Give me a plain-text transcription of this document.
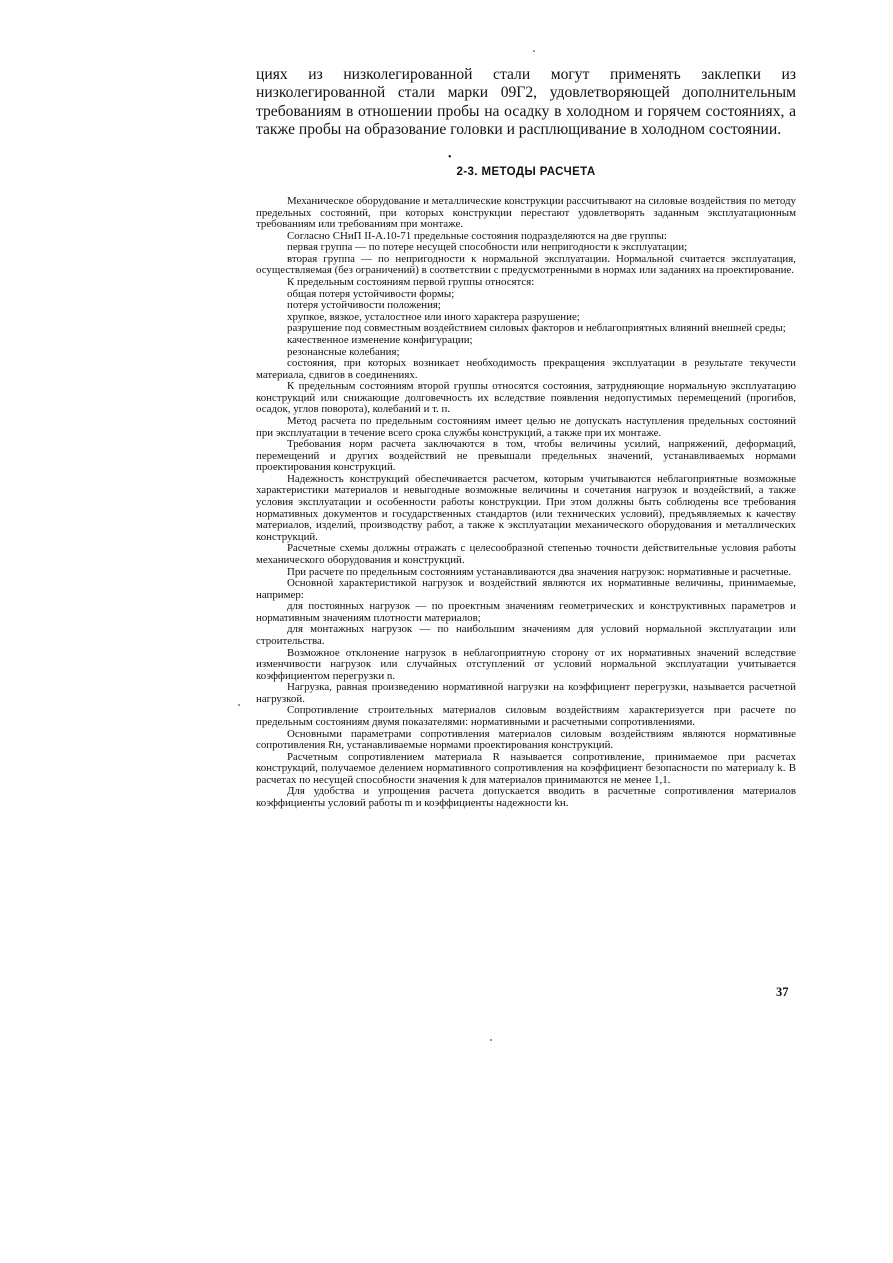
циях из низколегированной стали могут применять заклепки из низколегированной стали марки 09Г2, удовлетворяющей дополнительным требованиям в отношении пробы на осадку в холодном и горячем состояниях, а также пробы на образование головки и расплющивание в холодном состоянии.

•
2-3. МЕТОДЫ РАСЧЕТА

Механическое оборудование и металлические конструкции рассчитывают на силовые воздействия по методу предельных состояний, при которых конструкции перестают удовлетворять заданным эксплуатационным требованиям или требованиям при монтаже.

Согласно СНиП II-А.10-71 предельные состояния подразделяются на две группы:

первая группа — по потере несущей способности или непригодности к эксплуатации;

вторая группа — по непригодности к нормальной эксплуатации. Нормальной считается эксплуатация, осуществляемая (без ограничений) в соответствии с предусмотренными в нормах или заданиях на проектирование.

К предельным состояниям первой группы относятся:

общая потеря устойчивости формы;

потеря устойчивости положения;

хрупкое, вязкое, усталостное или иного характера разрушение;

разрушение под совместным воздействием силовых факторов и неблагоприятных влияний внешней среды;

качественное изменение конфигурации;

резонансные колебания;

состояния, при которых возникает необходимость прекращения эксплуатации в результате текучести материала, сдвигов в соединениях.

К предельным состояниям второй группы относятся состояния, затрудняющие нормальную эксплуатацию конструкций или снижающие долговечность их вследствие появления недопустимых перемещений (прогибов, осадок, углов поворота), колебаний и т. п.

Метод расчета по предельным состояниям имеет целью не допускать наступления предельных состояний при эксплуатации в течение всего срока службы конструкций, а также при их монтаже.

Требования норм расчета заключаются в том, чтобы величины усилий, напряжений, деформаций, перемещений и других воздействий не превышали предельных значений, устанавливаемых нормами проектирования конструкций.

Надежность конструкций обеспечивается расчетом, которым учитываются неблагоприятные возможные характеристики материалов и невыгодные возможные величины и сочетания нагрузок и воздействий, а также условия эксплуатации и особенности работы конструкции. При этом должны быть соблюдены все требования нормативных документов и государственных стандартов (или технических условий), предъявляемых к качеству материалов, изделий, производству работ, а также к эксплуатации механического оборудования и металлических конструкций.

Расчетные схемы должны отражать с целесообразной степенью точности действительные условия работы механического оборудования и конструкций.

При расчете по предельным состояниям устанавливаются два значения нагрузок: нормативные и расчетные.

Основной характеристикой нагрузок и воздействий являются их нормативные величины, принимаемые, например:

для постоянных нагрузок — по проектным значениям геометрических и конструктивных параметров и нормативным значениям плотности материалов;

для монтажных нагрузок — по наибольшим значениям для условий нормальной эксплуатации или строительства.

Возможное отклонение нагрузок в неблагоприятную сторону от их нормативных значений вследствие изменчивости нагрузок или случайных отступлений от условий нормальной эксплуатации учитывается коэффициентом перегрузки n.

Нагрузка, равная произведению нормативной нагрузки на коэффициент перегрузки, называется расчетной нагрузкой.

Сопротивление строительных материалов силовым воздействиям характеризуется при расчете по предельным состояниям двумя показателями: нормативными и расчетными сопротивлениями.

Основными параметрами сопротивления материалов силовым воздействиям являются нормативные сопротивления Rн, устанавливаемые нормами проектирования конструкций.

Расчетным сопротивлением материала R называется сопротивление, принимаемое при расчетах конструкций, получаемое делением нормативного сопротивления на коэффициент безопасности по материалу k. В расчетах по несущей способности значения k для материалов принимаются не менее 1,1.

Для удобства и упрощения расчета допускается вводить в расчетные сопротивления материалов коэффициенты условий работы m и коэффициенты надежности kн.

37
